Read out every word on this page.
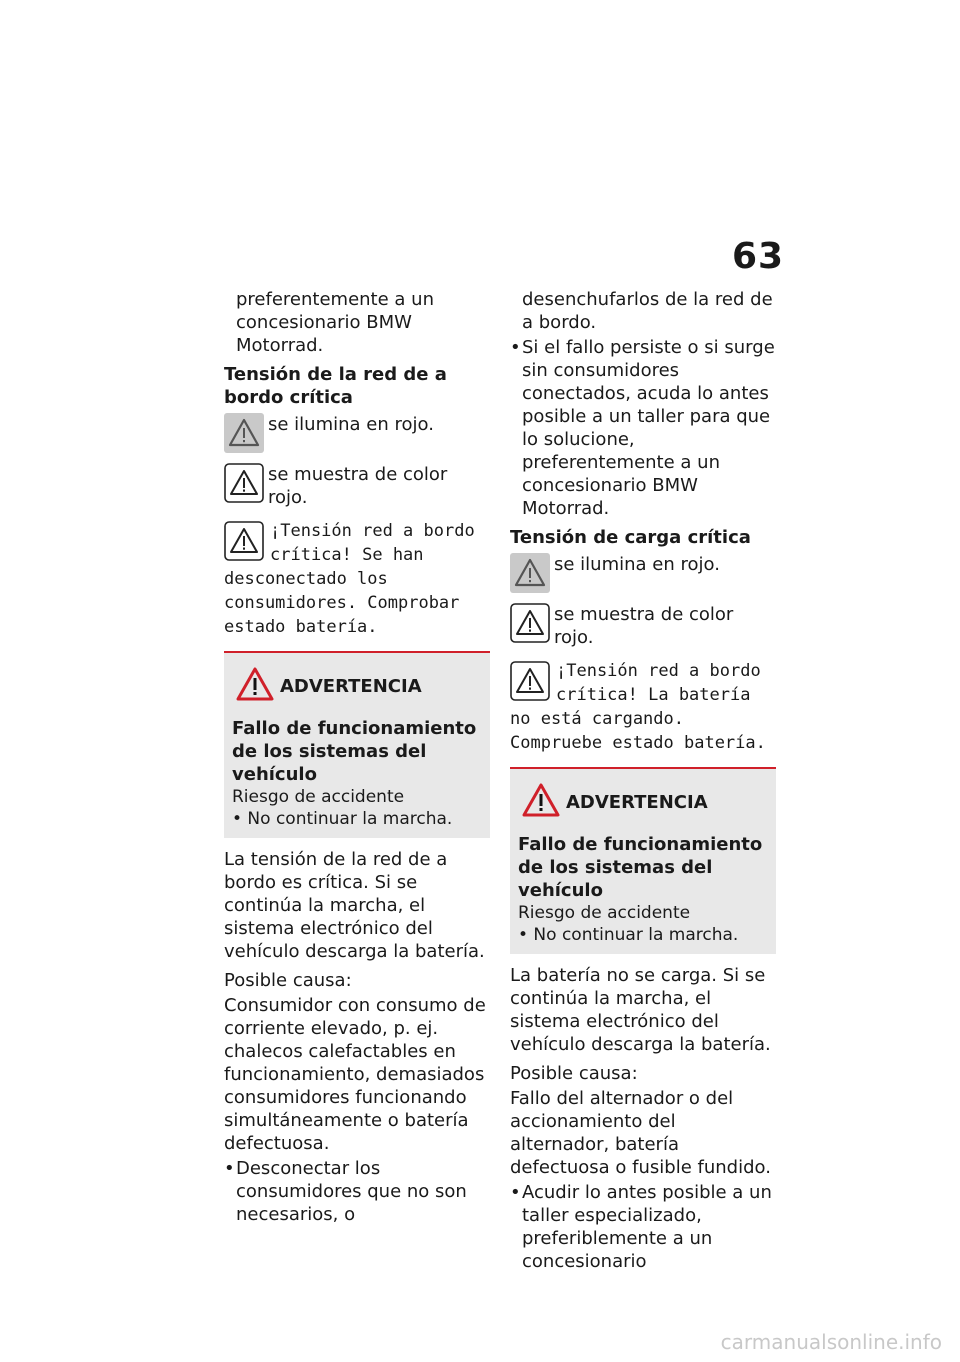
63

preferentemente a un concesionario BMW Motorrad.

Tensión de la red de a bordo crítica
se ilumina en rojo.
se muestra de color rojo.
¡Tensión red a bordo crítica! Se han desconectado los consumidores. Comprobar estado batería.
ADVERTENCIA
Fallo de funcionamiento de los sistemas del vehículo
Riesgo de accidente
• No continuar la marcha.

La tensión de la red de a bordo es crítica. Si se continúa la marcha, el sistema electrónico del vehículo descarga la batería.

Posible causa:

Consumidor con consumo de corriente elevado, p. ej. chalecos calefactables en funcionamiento, demasiados consumidores funcionando simultáneamente o batería defectuosa.

• Desconectar los consumidores que no son necesarios, o

desenchufarlos de la red de a bordo.

• Si el fallo persiste o si surge sin consumidores conectados, acuda lo antes posible a un taller para que lo solucione, preferentemente a un concesionario BMW Motorrad.
Tensión de carga crítica
se ilumina en rojo.
se muestra de color rojo.
¡Tensión red a bordo crítica! La batería no está cargando. Compruebe estado batería.
ADVERTENCIA
Fallo de funcionamiento de los sistemas del vehículo
Riesgo de accidente
• No continuar la marcha.

La batería no se carga. Si se continúa la marcha, el sistema electrónico del vehículo descarga la batería.

Posible causa:

Fallo del alternador o del accionamiento del alternador, batería defectuosa o fusible fundido.

• Acudir lo antes posible a un taller especializado, preferiblemente a un concesionario
carmanualsonline.info
